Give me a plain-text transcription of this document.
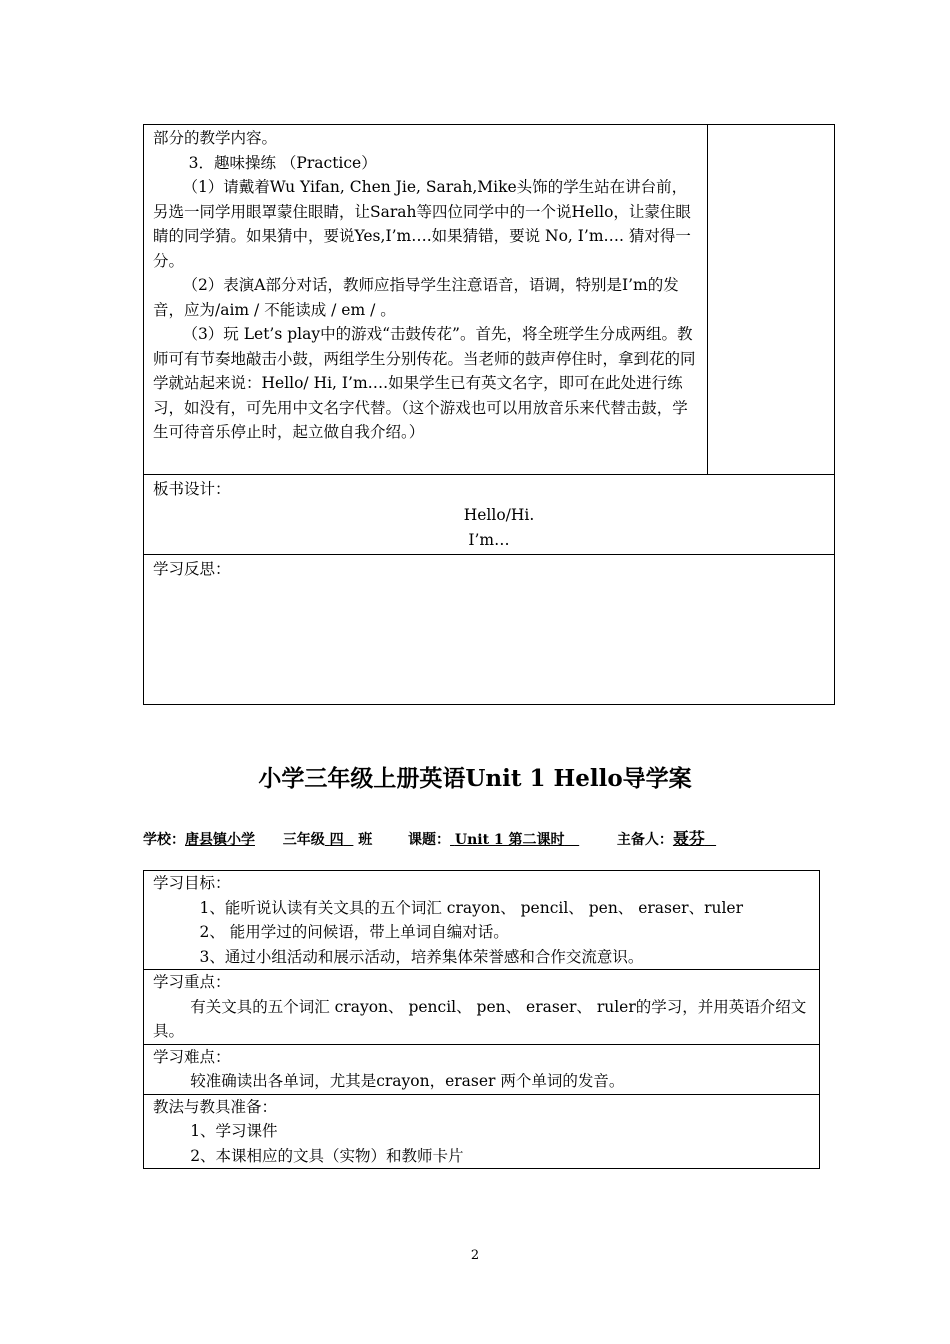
部分的教学内容。

3．趣味操练 （Practice）

（1）请戴着Wu Yifan, Chen Jie, Sarah,Mike头饰的学生站在讲台前，另选一同学用眼罩蒙住眼睛，让Sarah等四位同学中的一个说Hello，让蒙住眼睛的同学猜。如果猜中，要说Yes,I’m….如果猜错，要说 No, I’m…. 猜对得一分。

（2）表演A部分对话，教师应指导学生注意语音，语调，特别是I’m的发音，应为/aim / 不能读成 / em / 。

（3）玩 Let’s play中的游戏“击鼓传花”。首先，将全班学生分成两组。教师可有节奏地敲击小鼓，两组学生分别传花。当老师的鼓声停住时，拿到花的同学就站起来说：Hello/ Hi, I’m….如果学生已有英文名字，即可在此处进行练习，如没有，可先用中文名字代替。（这个游戏也可以用放音乐来代替击鼓，学生可待音乐停止时，起立做自我介绍。）

板书设计：

Hello/Hi.

I’m…

学习反思：

小学三年级上册英语Unit 1 Hello导学案
学校：唐县镇小学 三年级 四 班	课题： Unit 1 第二课时	主备人：聂芬

学习目标：

1、能听说认读有关文具的五个词汇 crayon、 pencil、 pen、 eraser、ruler

2、 能用学过的问候语，带上单词自编对话。

3、通过小组活动和展示活动，培养集体荣誉感和合作交流意识。

学习重点：

有关文具的五个词汇 crayon、 pencil、 pen、 eraser、 ruler的学习，并用英语介绍文具。

学习难点：

较准确读出各单词，尤其是crayon，eraser 两个单词的发音。

教法与教具准备：

1、学习课件

2、本课相应的文具（实物）和教师卡片

2
